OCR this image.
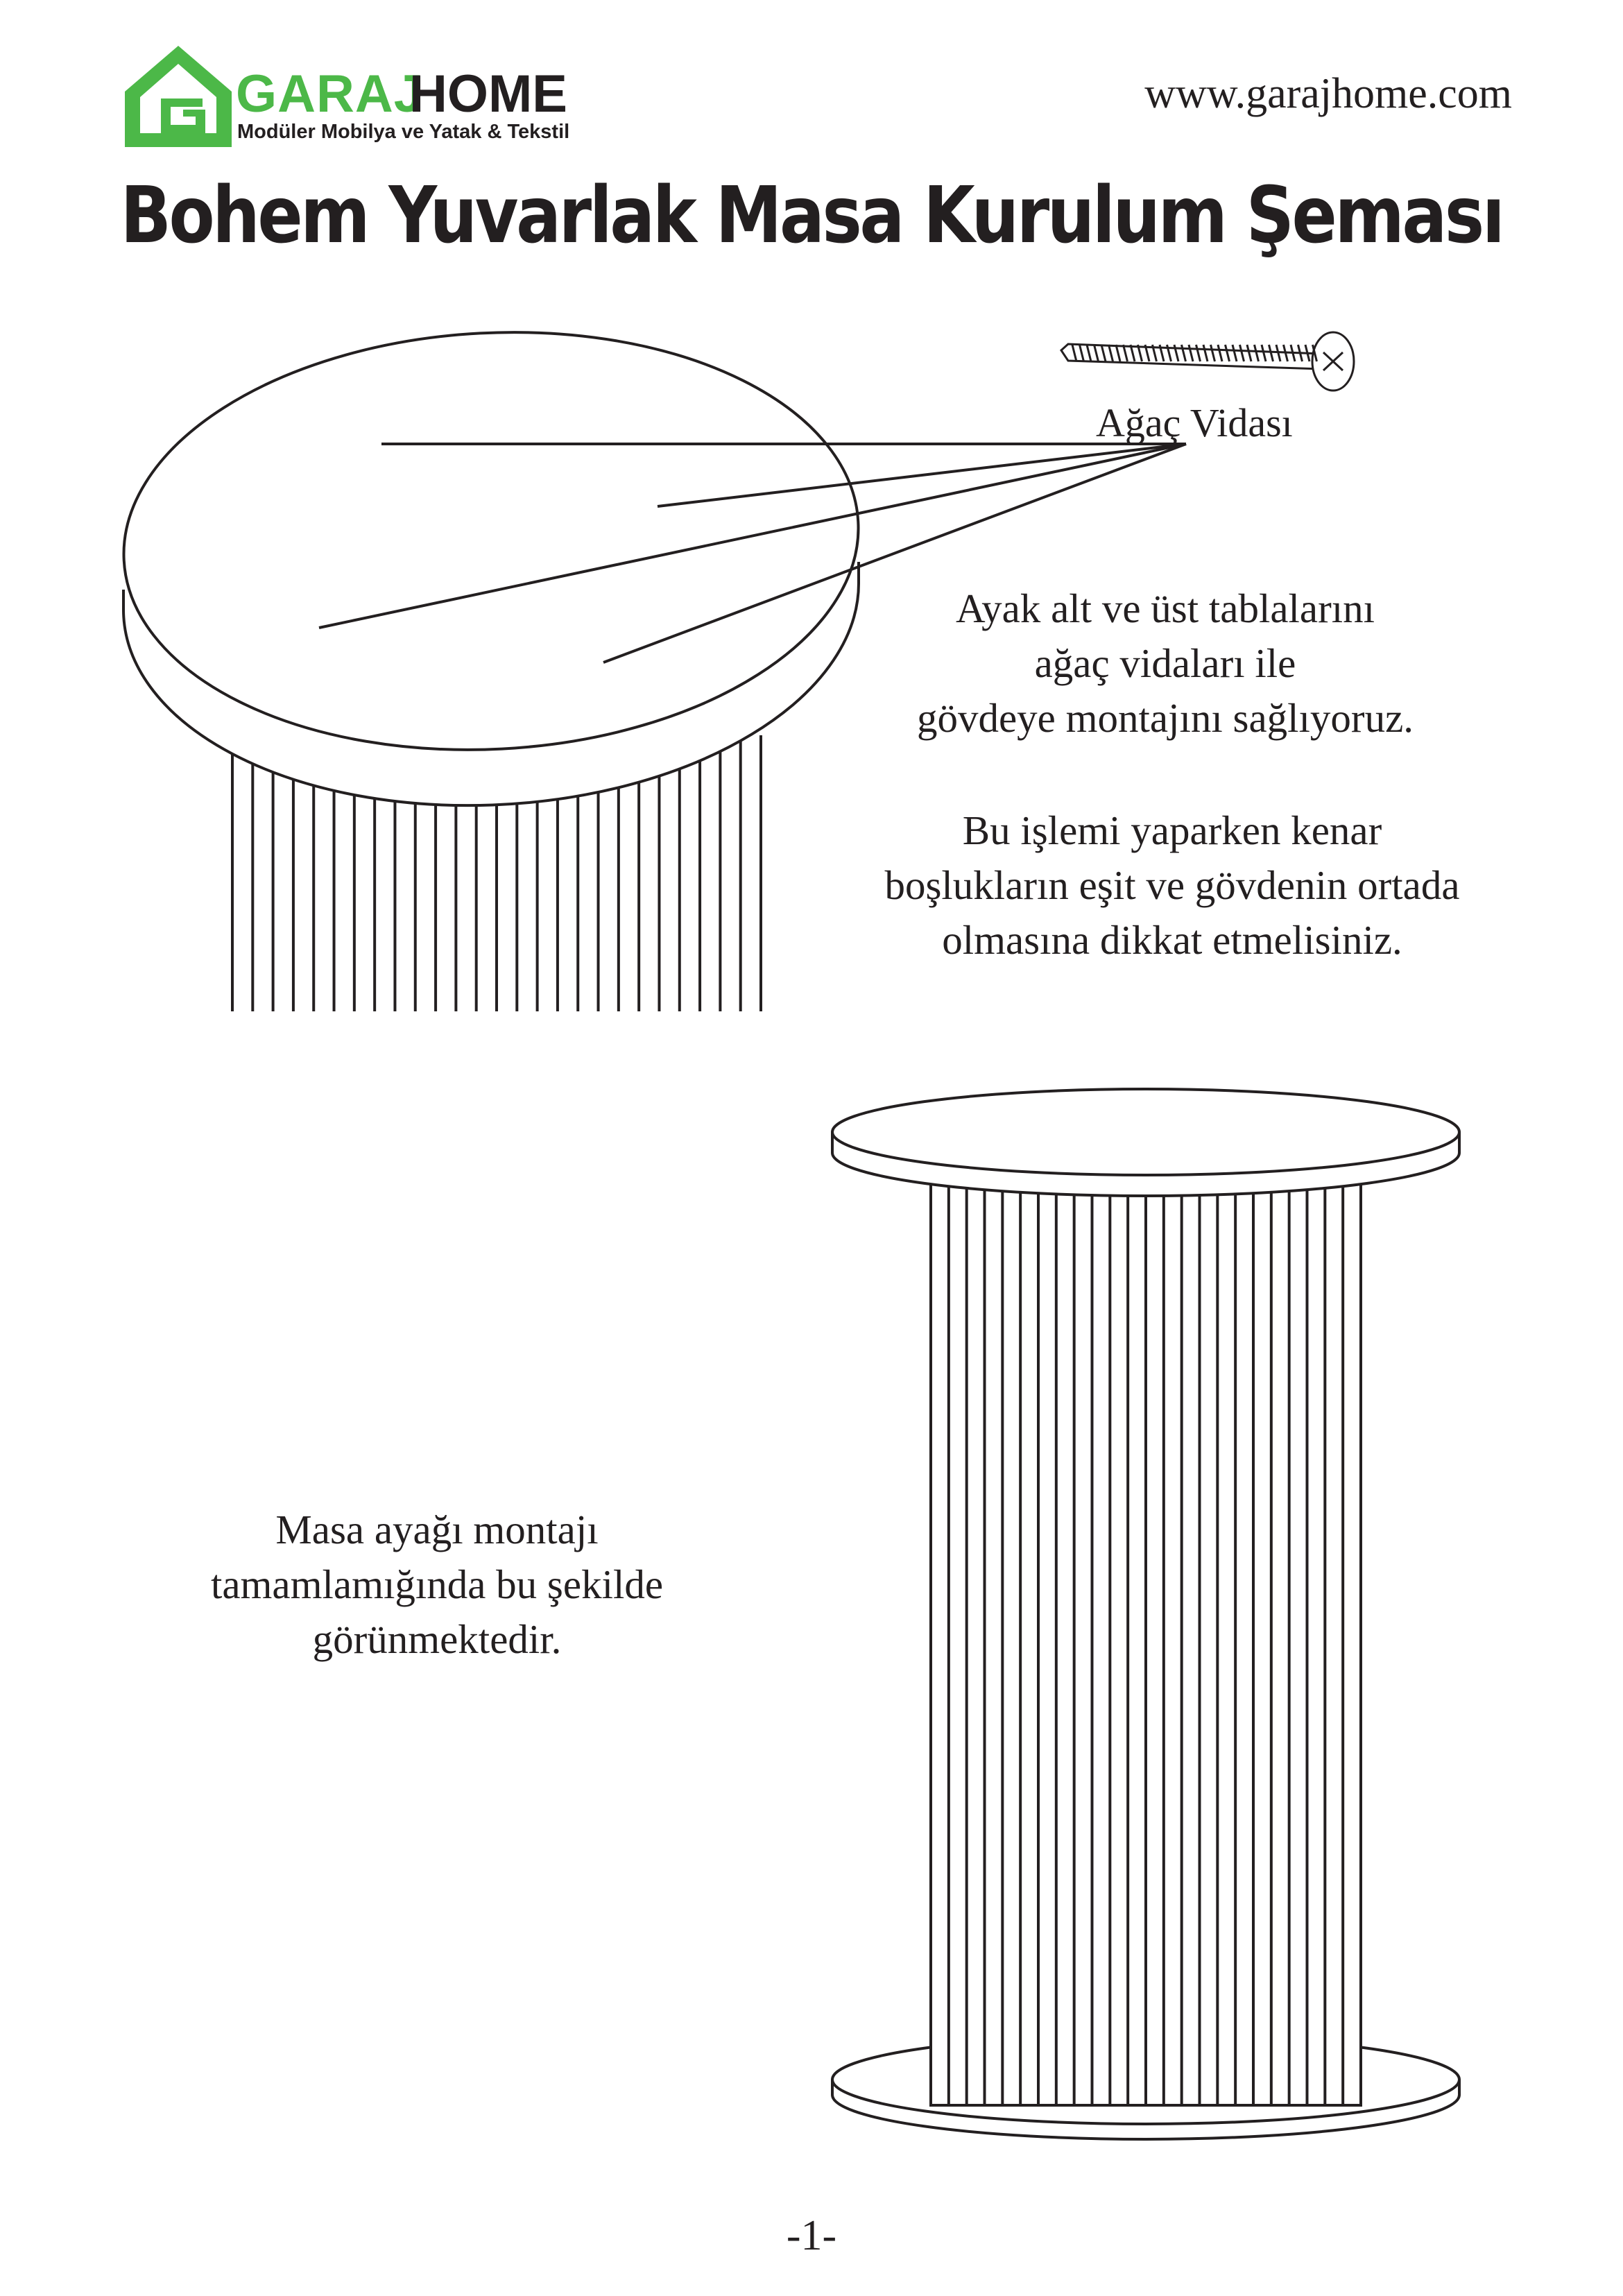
GARAJ
HOME
Modüler Mobilya ve Yatak & Tekstil
www.garajhome.com
Bohem Yuvarlak Masa Kurulum Şeması
Ağaç Vidası
Ayak alt ve üst tablalarını
ağaç vidaları ile
gövdeye montajını sağlıyoruz.
Bu işlemi yaparken kenar
boşlukların eşit ve gövdenin ortada
olmasına dikkat etmelisiniz.
Masa ayağı montajı
tamamlamığında bu şekilde
görünmektedir.
-1-
